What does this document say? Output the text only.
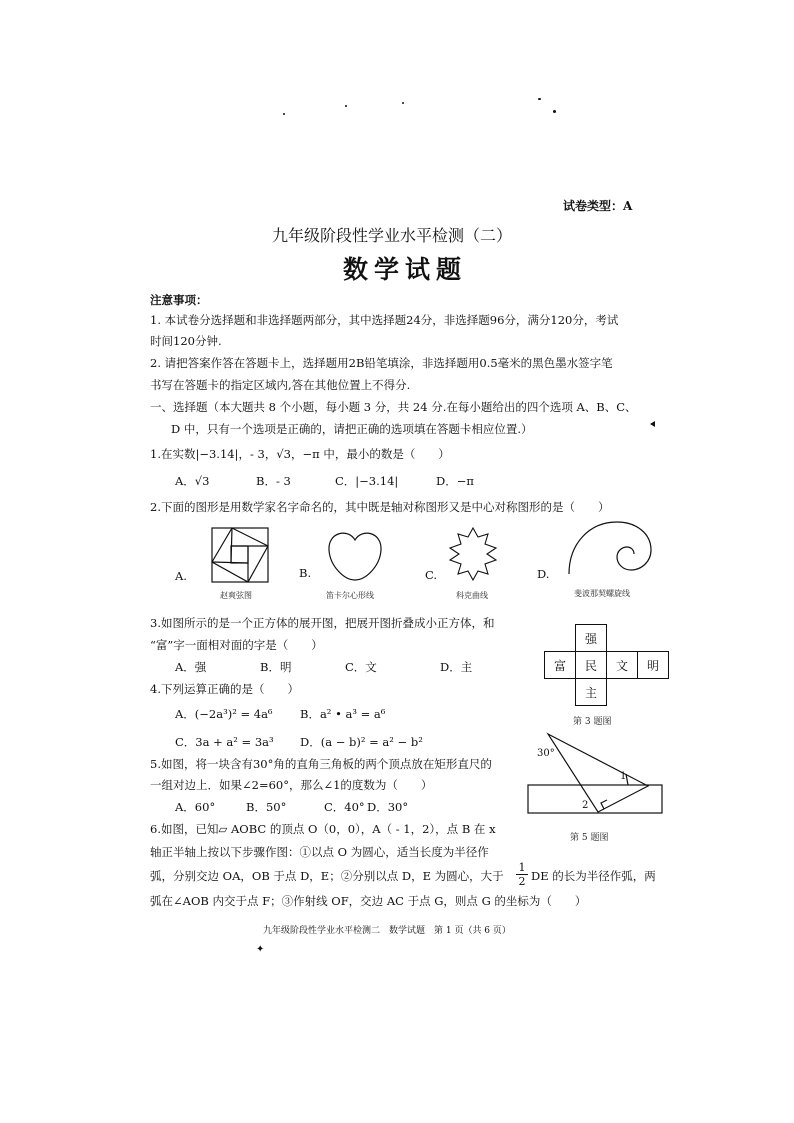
试卷类型：A
九年级阶段性学业水平检测（二）
数学试题
注意事项：
1. 本试卷分选择题和非选择题两部分，其中选择题24分，非选择题96分，满分120分，考试
时间120分钟.
2. 请把答案作答在答题卡上，选择题用2B铅笔填涂，非选择题用0.5毫米的黑色墨水签字笔
书写在答题卡的指定区域内,答在其他位置上不得分.
一、选择题（本大题共 8 个小题，每小题 3 分，共 24 分.在每小题给出的四个选项 A、B、C、
D 中，只有一个选项是正确的，请把正确的选项填在答题卡相应位置.）
1.在实数|−3.14|，- 3，√3，−π 中，最小的数是（　　）
A．√3	B．- 3	C．|−3.14|	D．−π
2.下面的图形是用数学家名字命名的，其中既是轴对称图形又是中心对称图形的是（　　）
A.	B.	C.	D.
赵爽弦图	笛卡尔心形线	科克曲线	斐波那契螺旋线
3.如图所示的是一个正方体的展开图，把展开图折叠成小正方体，和
“富”字一面相对面的字是（　　）
A．强	B．明	C．文	D．主
强
富	民	文	明
主
第 3 题图
4.下列运算正确的是（　　）
A．(−2a³)² = 4a⁶ B．a² • a³ = a⁶
C．3a + a² = 3a³ D．(a − b)² = a² − b²
5.如图，将一块含有30°角的直角三角板的两个顶点放在矩形直尺的
一组对边上．如果∠2=60°，那么∠1的度数为（　　）
A．60°	B．50°	C．40° D．30°
30°
1
2
第 5 题图
6.如图，已知▱ AOBC 的顶点 O（0，0），A（ - 1，2），点 B 在 x
轴正半轴上按以下步骤作图：①以点 O 为圆心，适当长度为半径作
弧，分别交边 OA，OB 于点 D，E；②分别以点 D，E 为圆心，大于 $\frac{1}{2}$ DE 的长为半径作弧，两
弧在∠AOB 内交于点 F；③作射线 OF，交边 AC 于点 G，则点 G 的坐标为（　　）
九年级阶段性学业水平检测二　数学试题　第 1 页（共 6 页）
✦
